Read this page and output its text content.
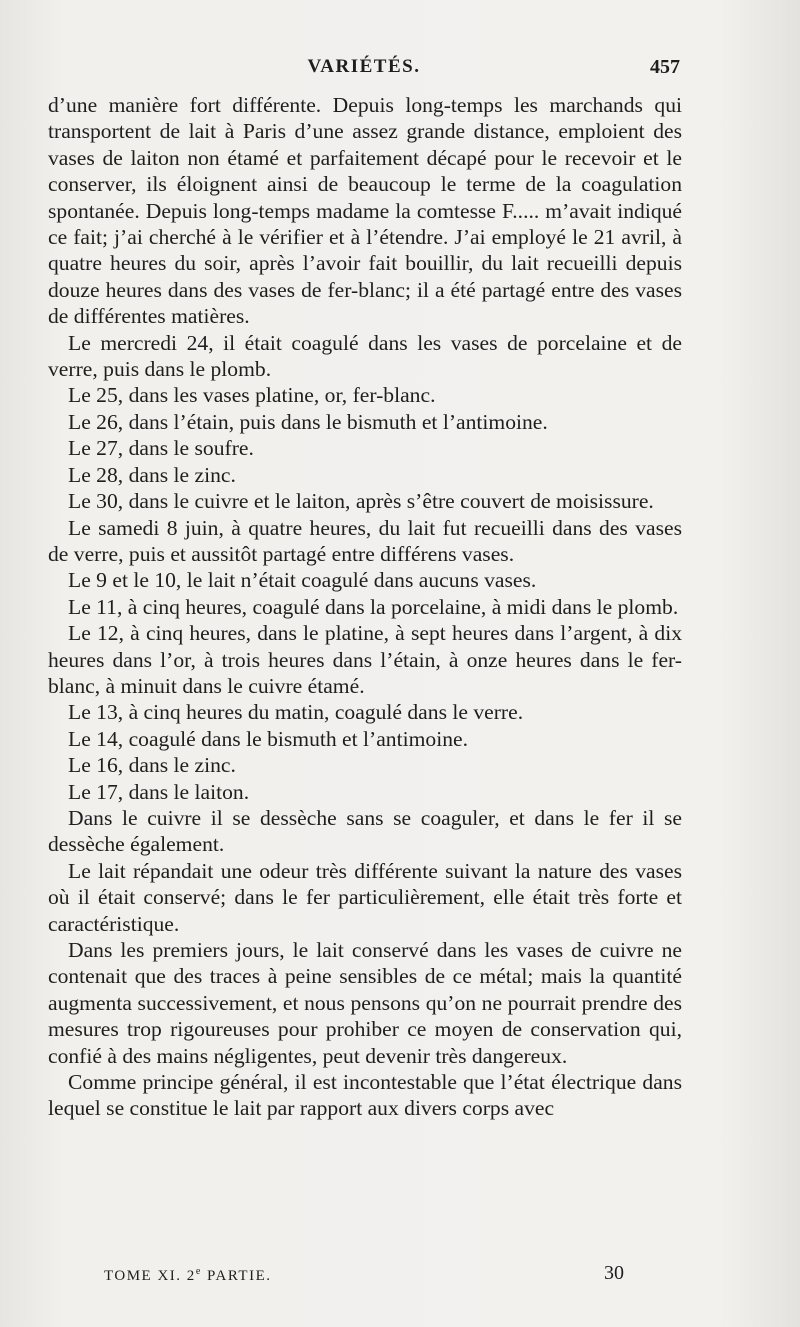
VARIÉTÉS.	457

d’une manière fort différente. Depuis long-temps les marchands qui transportent de lait à Paris d’une assez grande distance, emploient des vases de laiton non étamé et parfaitement décapé pour le recevoir et le conserver, ils éloignent ainsi de beaucoup le terme de la coagulation spontanée. Depuis long-temps madame la comtesse F..... m’avait indiqué ce fait; j’ai cherché à le vérifier et à l’étendre. J’ai employé le 21 avril, à quatre heures du soir, après l’avoir fait bouillir, du lait recueilli depuis douze heures dans des vases de fer-blanc; il a été partagé entre des vases de différentes matières.

Le mercredi 24, il était coagulé dans les vases de porcelaine et de verre, puis dans le plomb.

Le 25, dans les vases platine, or, fer-blanc.

Le 26, dans l’étain, puis dans le bismuth et l’antimoine.

Le 27, dans le soufre.

Le 28, dans le zinc.

Le 30, dans le cuivre et le laiton, après s’être couvert de moisissure.

Le samedi 8 juin, à quatre heures, du lait fut recueilli dans des vases de verre, puis et aussitôt partagé entre différens vases.

Le 9 et le 10, le lait n’était coagulé dans aucuns vases.

Le 11, à cinq heures, coagulé dans la porcelaine, à midi dans le plomb.

Le 12, à cinq heures, dans le platine, à sept heures dans l’argent, à dix heures dans l’or, à trois heures dans l’étain, à onze heures dans le fer-blanc, à minuit dans le cuivre étamé.

Le 13, à cinq heures du matin, coagulé dans le verre.

Le 14, coagulé dans le bismuth et l’antimoine.

Le 16, dans le zinc.

Le 17, dans le laiton.

Dans le cuivre il se dessèche sans se coaguler, et dans le fer il se dessèche également.

Le lait répandait une odeur très différente suivant la nature des vases où il était conservé; dans le fer particulièrement, elle était très forte et caractéristique.

Dans les premiers jours, le lait conservé dans les vases de cuivre ne contenait que des traces à peine sensibles de ce métal; mais la quantité augmenta successivement, et nous pensons qu’on ne pourrait prendre des mesures trop rigoureuses pour prohiber ce moyen de conservation qui, confié à des mains négligentes, peut devenir très dangereux.

Comme principe général, il est incontestable que l’état électrique dans lequel se constitue le lait par rapport aux divers corps avec

TOME XI. 2e PARTIE.	30
